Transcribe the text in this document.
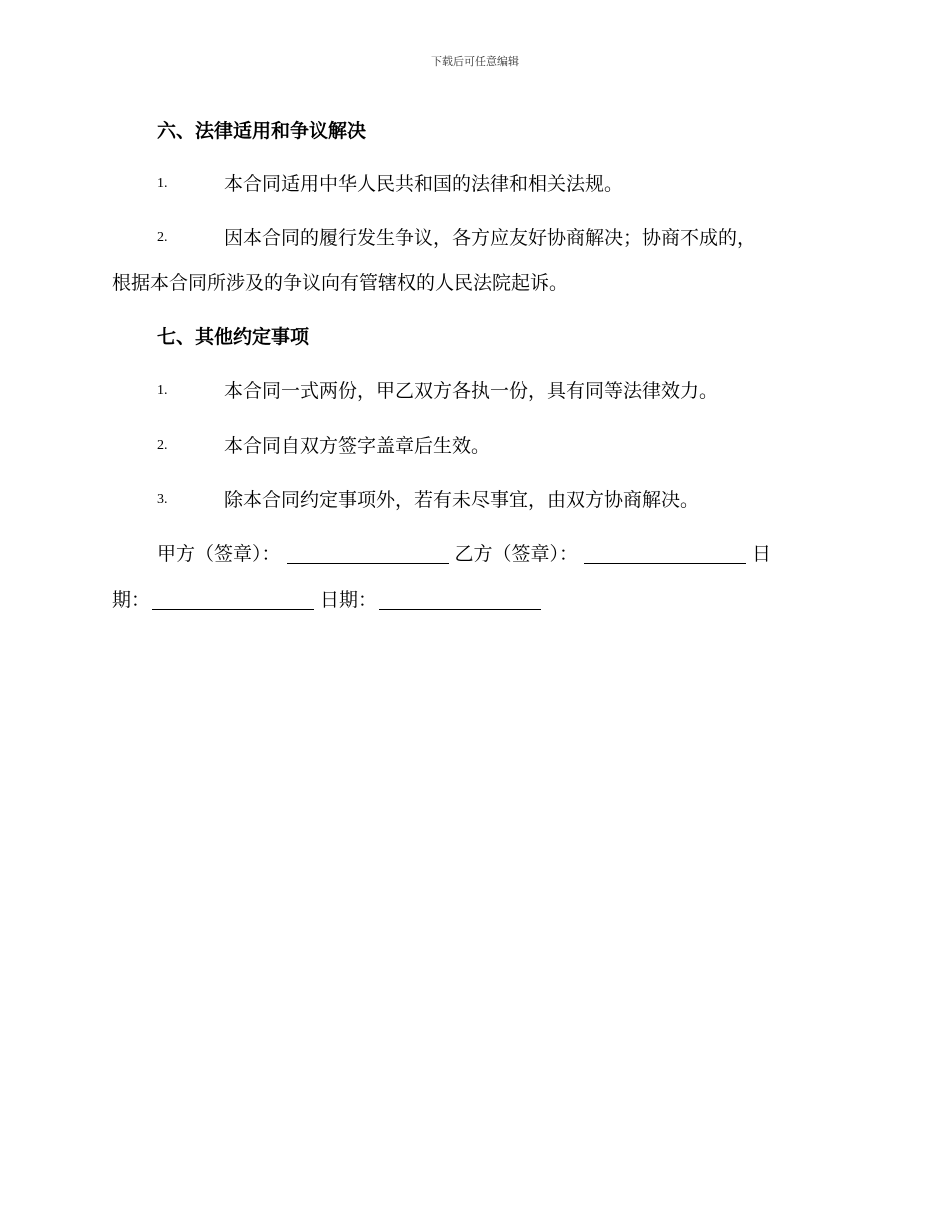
下载后可任意编辑
六、法律适用和争议解决
1.	本合同适用中华人民共和国的法律和相关法规。
2.	因本合同的履行发生争议，各方应友好协商解决；协商不成的，
根据本合同所涉及的争议向有管辖权的人民法院起诉。
七、其他约定事项
1.	本合同一式两份，甲乙双方各执一份，具有同等法律效力。
2.	本合同自双方签字盖章后生效。
3.	除本合同约定事项外，若有未尽事宜，由双方协商解决。
甲方（签章）：	乙方（签章）：	日
期：	日期：
